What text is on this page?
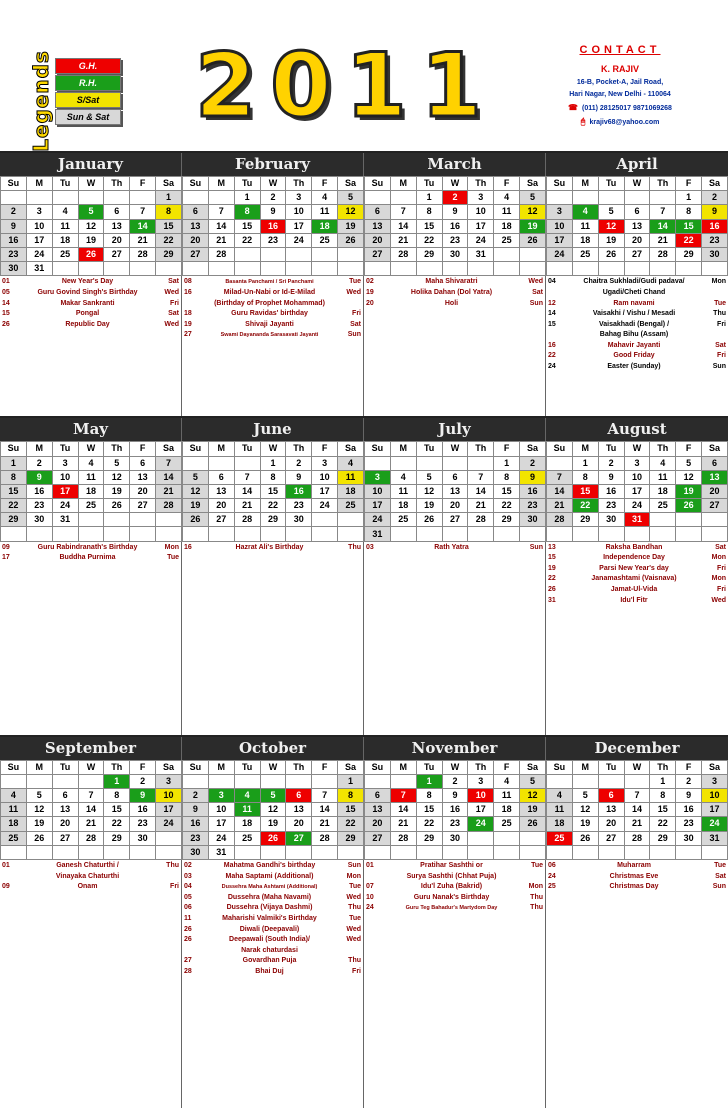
Legends	G.H.
R.H.
S/Sat
Sun & Sat 2011	CONTACT
K. RAJIV
16-B, Pocket-A, Jail Road,
Hari Nagar, New Delhi - 110064
☎ (011) 28125017 9871069268
🖰 krajiv68@yahoo.com
January
Su	M	Tu	W	Th	F	Sa
						1
2	3	4	5	6	7	8
9	10	11	12	13	14	15
16	17	18	19	20	21	22
23	24	25	26	27	28	29
30	31					
01	New Year's Day	Sat
05	Guru Govind Singh's Birthday	Wed
14	Makar Sankranti	Fri
15	Pongal	Sat
26	Republic Day	Wed
February
Su	M	Tu	W	Th	F	Sa
		1	2	3	4	5
6	7	8	9	10	11	12
13	14	15	16	17	18	19
20	21	22	23	24	25	26
27	28					

08	Basanta Panchami / Sri Panchami	Tue
16	Milad-Un-Nabi or Id-E-Milad	Wed
(Birthday of Prophet Mohammad)
18	Guru Ravidas' birthday	Fri
19	Shivaji Jayanti	Sat
27	Swami Dayananda Sarasavati Jayanti	Sun
March
Su	M	Tu	W	Th	F	Sa
		1	2	3	4	5
6	7	8	9	10	11	12
13	14	15	16	17	18	19
20	21	22	23	24	25	26
27	28	29	30	31		

02	Maha Shivaratri	Wed
19	Holika Dahan (Dol Yatra)	Sat
20	Holi	Sun
April
Su	M	Tu	W	Th	F	Sa
					1	2
3	4	5	6	7	8	9
10	11	12	13	14	15	16
17	18	19	20	21	22	23
24	25	26	27	28	29	30

04	Chaitra Sukhladi/Gudi padava/	Mon
Ugadi/Cheti Chand
12	Ram navami	Tue
14	Vaisakhi / Vishu / Mesadi	Thu
15	Vaisakhadi (Bengal) /	Fri
Bahag Bihu (Assam)
16	Mahavir Jayanti	Sat
22	Good Friday	Fri
24	Easter (Sunday)	Sun
May
Su	M	Tu	W	Th	F	Sa
1	2	3	4	5	6	7
8	9	10	11	12	13	14
15	16	17	18	19	20	21
22	23	24	25	26	27	28
29	30	31				

09	Guru Rabindranath's Birthday	Mon
17	Buddha Purnima	Tue
June
Su	M	Tu	W	Th	F	Sa
			1	2	3	4
5	6	7	8	9	10	11
12	13	14	15	16	17	18
19	20	21	22	23	24	25
26	27	28	29	30		

16	Hazrat Ali's Birthday	Thu
July
Su	M	Tu	W	Th	F	Sa
					1	2
3	4	5	6	7	8	9
10	11	12	13	14	15	16
17	18	19	20	21	22	23
24	25	26	27	28	29	30
31						
03	Rath Yatra	Sun
August
Su	M	Tu	W	Th	F	Sa
	1	2	3	4	5	6
7	8	9	10	11	12	13
14	15	16	17	18	19	20
21	22	23	24	25	26	27
28	29	30	31			

13	Raksha Bandhan	Sat
15	Independence Day	Mon
19	Parsi New Year's day	Fri
22	Janamashtami (Vaisnava)	Mon
26	Jamat-Ul-Vida	Fri
31	Idu'l Fitr	Wed
September
Su	M	Tu	W	Th	F	Sa
				1	2	3
4	5	6	7	8	9	10
11	12	13	14	15	16	17
18	19	20	21	22	23	24
25	26	27	28	29	30	

01	Ganesh Chaturthi /	Thu
Vinayaka Chaturthi
09	Onam	Fri
October
Su	M	Tu	W	Th	F	Sa
						1
2	3	4	5	6	7	8
9	10	11	12	13	14	15
16	17	18	19	20	21	22
23	24	25	26	27	28	29
30	31					
02	Mahatma Gandhi's birthday	Sun
03	Maha Saptami (Additional)	Mon
04	Dussehra Maha Ashtami (Additional)	Tue
05	Dussehra (Maha Navami)	Wed
06	Dussehra (Vijaya Dashmi)	Thu
11	Maharishi Valmiki's Birthday	Tue
26	Diwali (Deepavali)	Wed
26	Deepawali (South India)/	Wed
Narak chaturdasi
27	Govardhan Puja	Thu
28	Bhai Duj	Fri
November
Su	M	Tu	W	Th	F	Sa
		1	2	3	4	5
6	7	8	9	10	11	12
13	14	15	16	17	18	19
20	21	22	23	24	25	26
27	28	29	30			

01	Pratihar Sashthi or	Tue
Surya Sashthi (Chhat Puja)
07	Idu'l Zuha (Bakrid)	Mon
10	Guru Nanak's Birthday	Thu
24	Guru Teg Bahadur's Martydom Day	Thu
December
Su	M	Tu	W	Th	F	Sa
				1	2	3
4	5	6	7	8	9	10
11	12	13	14	15	16	17
18	19	20	21	22	23	24
25	26	27	28	29	30	31

06	Muharram	Tue
24	Christmas Eve	Sat
25	Christmas Day	Sun
